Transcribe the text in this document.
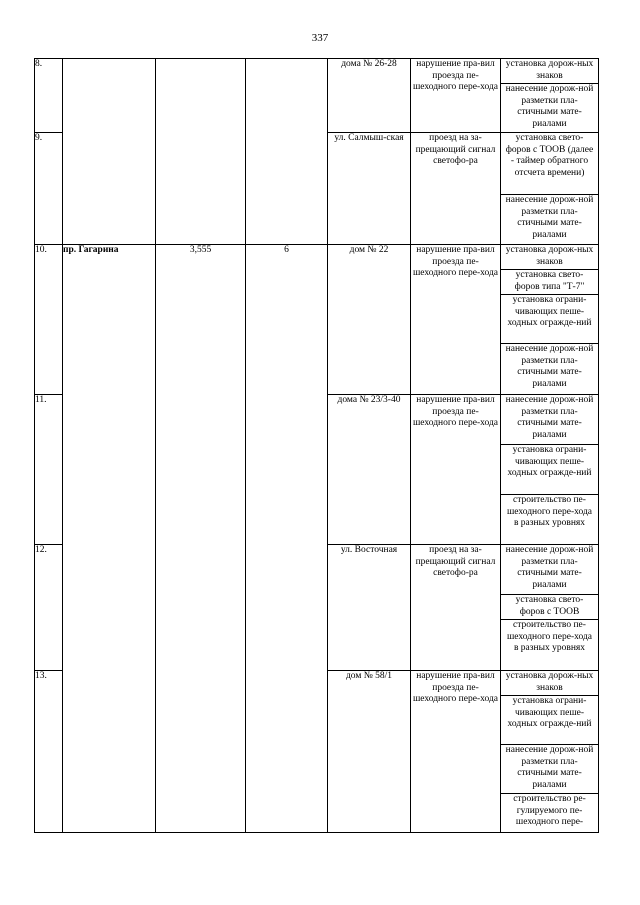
337
8.				дома № 26-28	нарушение пра-вил проезда пе-шеходного пере-хода	установка дорож-ных знаков
нанесение дорож-ной разметки пла-стичными мате-риалами

9.				ул. Салмыш-ская	проезд на за-прещающий сигнал светофо-ра	установка свето-форов с ТООВ (далее - таймер обратного отсчета времени)
нанесение дорож-ной разметки пла-стичными мате-риалами

10.	пр. Гагарина	3,555	6	дом № 22	нарушение пра-вил проезда пе-шеходного пере-хода	установка дорож-ных знаков
установка свето-форов типа "Т-7"
установка ограни-чивающих пеше-ходных огражде-ний
нанесение дорож-ной разметки пла-стичными мате-риалами

11.				дома № 23/3-40	нарушение пра-вил проезда пе-шеходного пере-хода	нанесение дорож-ной разметки пла-стичными мате-риалами
установка ограни-чивающих пеше-ходных огражде-ний
строительство пе-шеходного пере-хода в разных уровнях

12.				ул. Восточная	проезд на за-прещающий сигнал светофо-ра	нанесение дорож-ной разметки пла-стичными мате-риалами
установка свето-форов с ТООВ
строительство пе-шеходного пере-хода в разных уровнях

13.				дом № 58/1	нарушение пра-вил проезда пе-шеходного пере-хода	установка дорож-ных знаков
установка ограни-чивающих пеше-ходных огражде-ний
нанесение дорож-ной разметки пла-стичными мате-риалами
строительство ре-гулируемого пе-шеходного пере-
